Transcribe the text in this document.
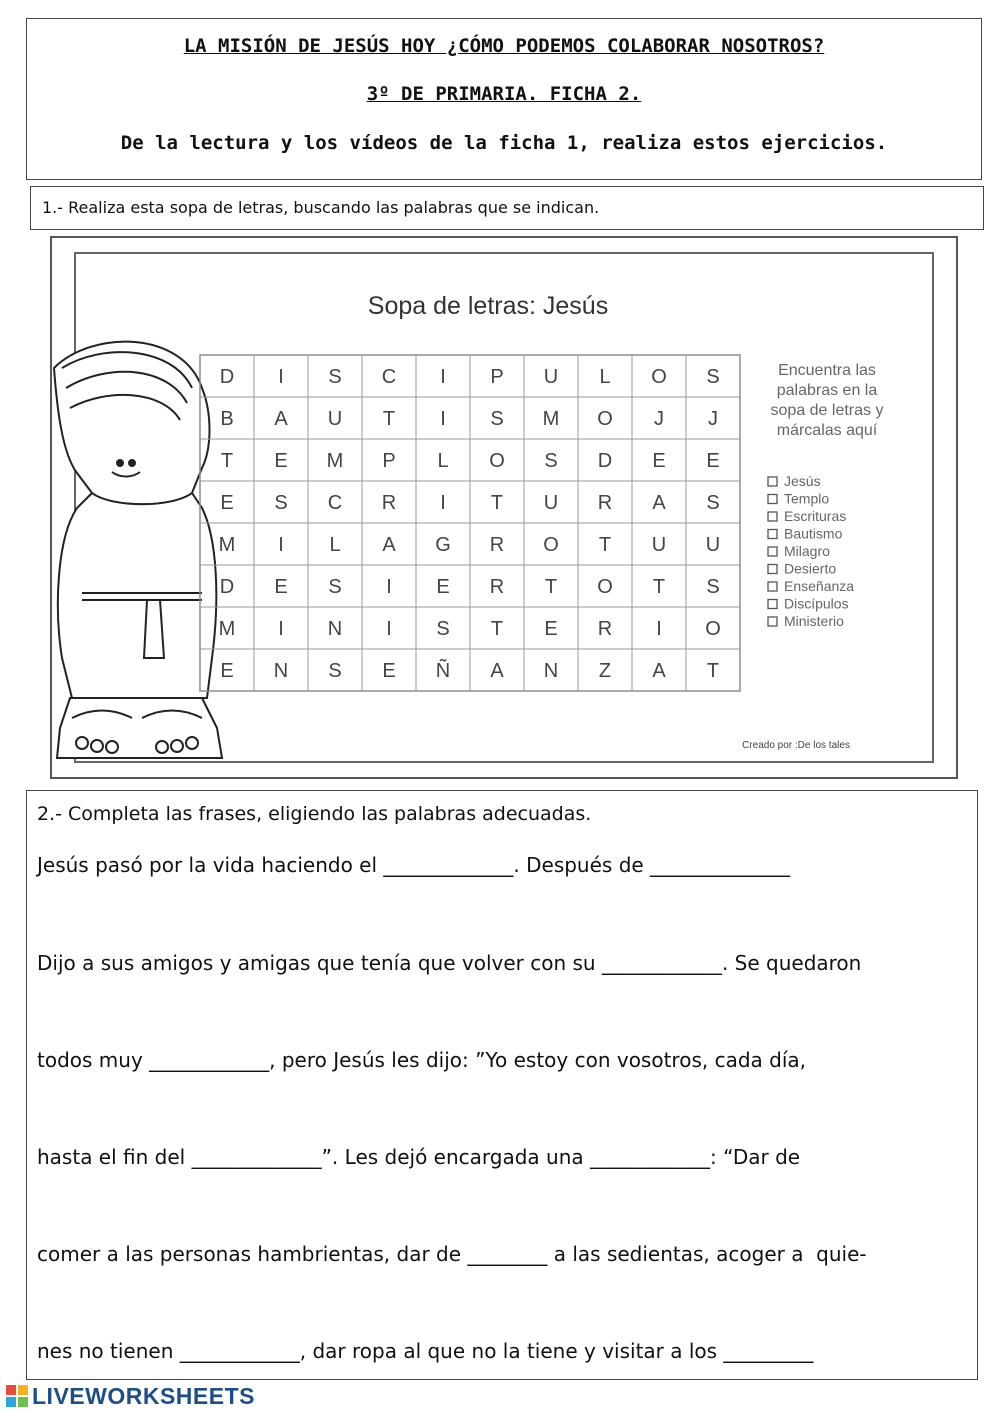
LA MISIÓN DE JESÚS HOY ¿CÓMO PODEMOS COLABORAR NOSOTROS?
3º DE PRIMARIA. FICHA 2.
De la lectura y los vídeos de la ficha 1, realiza estos ejercicios.
1.- Realiza esta sopa de letras, buscando las palabras que se indican.
Sopa de letras: Jesús
D I S C I P U L O S
B A U T I S M O J J
T E M P L O S D E E
E S C R I T U R A S
M I L A G R O T U U
D E S I E R T O T S
M I N I S T E R I O
E N S E Ñ A N Z A T
Encuentra las
palabras en la
sopa de letras y
márcalas aquí
Jesús
Templo
Escrituras
Bautismo
Milagro
Desierto
Enseñanza
Discípulos
Ministerio
Creado por :De los tales
2.- Completa las frases, eligiendo las palabras adecuadas.
Jesús pasó por la vida haciendo el _____________. Después de ______________
Dijo a sus amigos y amigas que tenía que volver con su ____________. Se quedaron
todos muy ____________, pero Jesús les dijo: ”Yo estoy con vosotros, cada día,
hasta el fin del _____________”. Les dejó encargada una ____________: “Dar de
comer a las personas hambrientas, dar de ________ a las sedientas, acoger a  quie-
nes no tienen ____________, dar ropa al que no la tiene y visitar a los _________
LIVEWORKSHEETS
